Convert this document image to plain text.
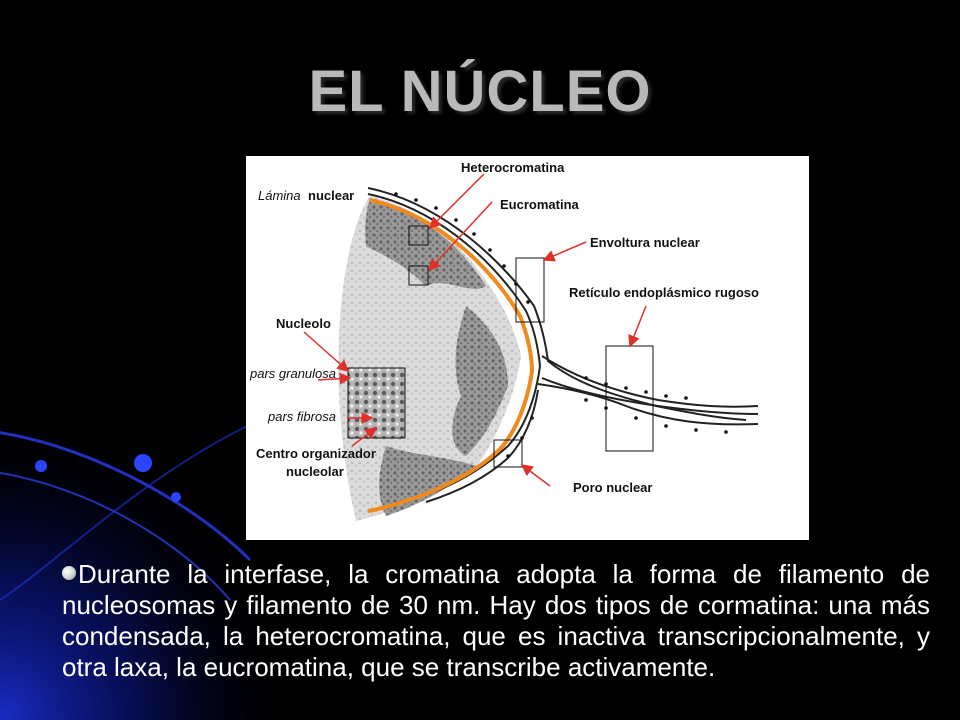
EL NÚCLEO
Heterocromatina
Lámina nuclear
Eucromatina
Envoltura nuclear
Retículo endoplásmico rugoso
Nucleolo
pars granulosa
pars fibrosa
Centro organizador
nucleolar
Poro nuclear

Durante la interfase, la cromatina adopta la forma de filamento de nucleosomas y filamento de 30 nm. Hay dos tipos de cormatina: una más condensada, la heterocromatina, que es inactiva transcripcionalmente, y otra laxa, la eucromatina, que se transcribe activamente.
